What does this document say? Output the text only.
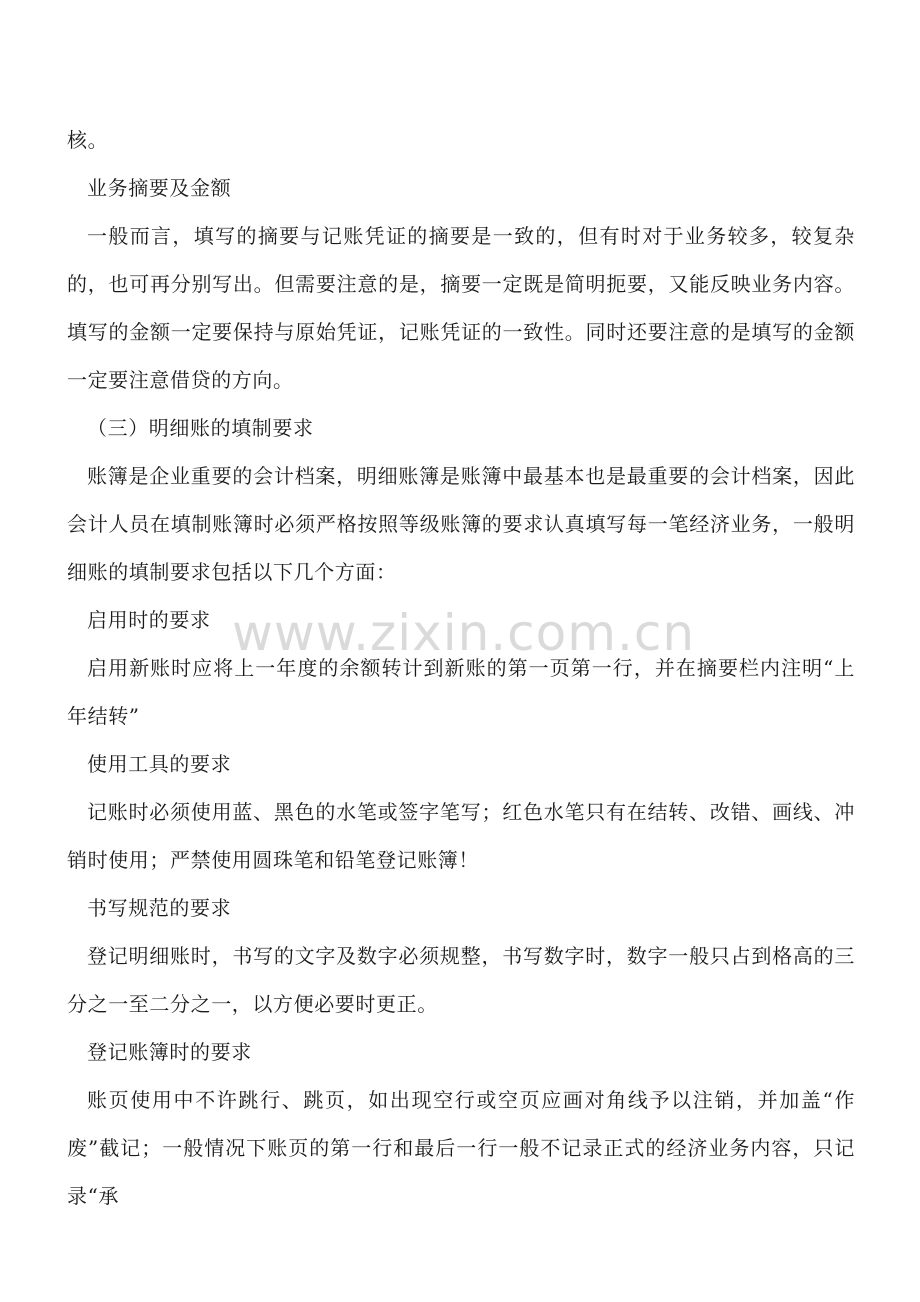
核。

业务摘要及金额

一般而言，填写的摘要与记账凭证的摘要是一致的，但有时对于业务较多，较复杂的，也可再分别写出。但需要注意的是，摘要一定既是简明扼要，又能反映业务内容。填写的金额一定要保持与原始凭证，记账凭证的一致性。同时还要注意的是填写的金额一定要注意借贷的方向。

（三）明细账的填制要求

账簿是企业重要的会计档案，明细账簿是账簿中最基本也是最重要的会计档案，因此会计人员在填制账簿时必须严格按照等级账簿的要求认真填写每一笔经济业务，一般明细账的填制要求包括以下几个方面：

启用时的要求

启用新账时应将上一年度的余额转计到新账的第一页第一行，并在摘要栏内注明“上年结转”

使用工具的要求

记账时必须使用蓝、黑色的水笔或签字笔写；红色水笔只有在结转、改错、画线、冲销时使用；严禁使用圆珠笔和铅笔登记账簿！

书写规范的要求

登记明细账时，书写的文字及数字必须规整，书写数字时，数字一般只占到格高的三分之一至二分之一，以方便必要时更正。

登记账簿时的要求

账页使用中不许跳行、跳页，如出现空行或空页应画对角线予以注销，并加盖“作废”截记；一般情况下账页的第一行和最后一行一般不记录正式的经济业务内容，只记录“承

www.zixin.com.cn
